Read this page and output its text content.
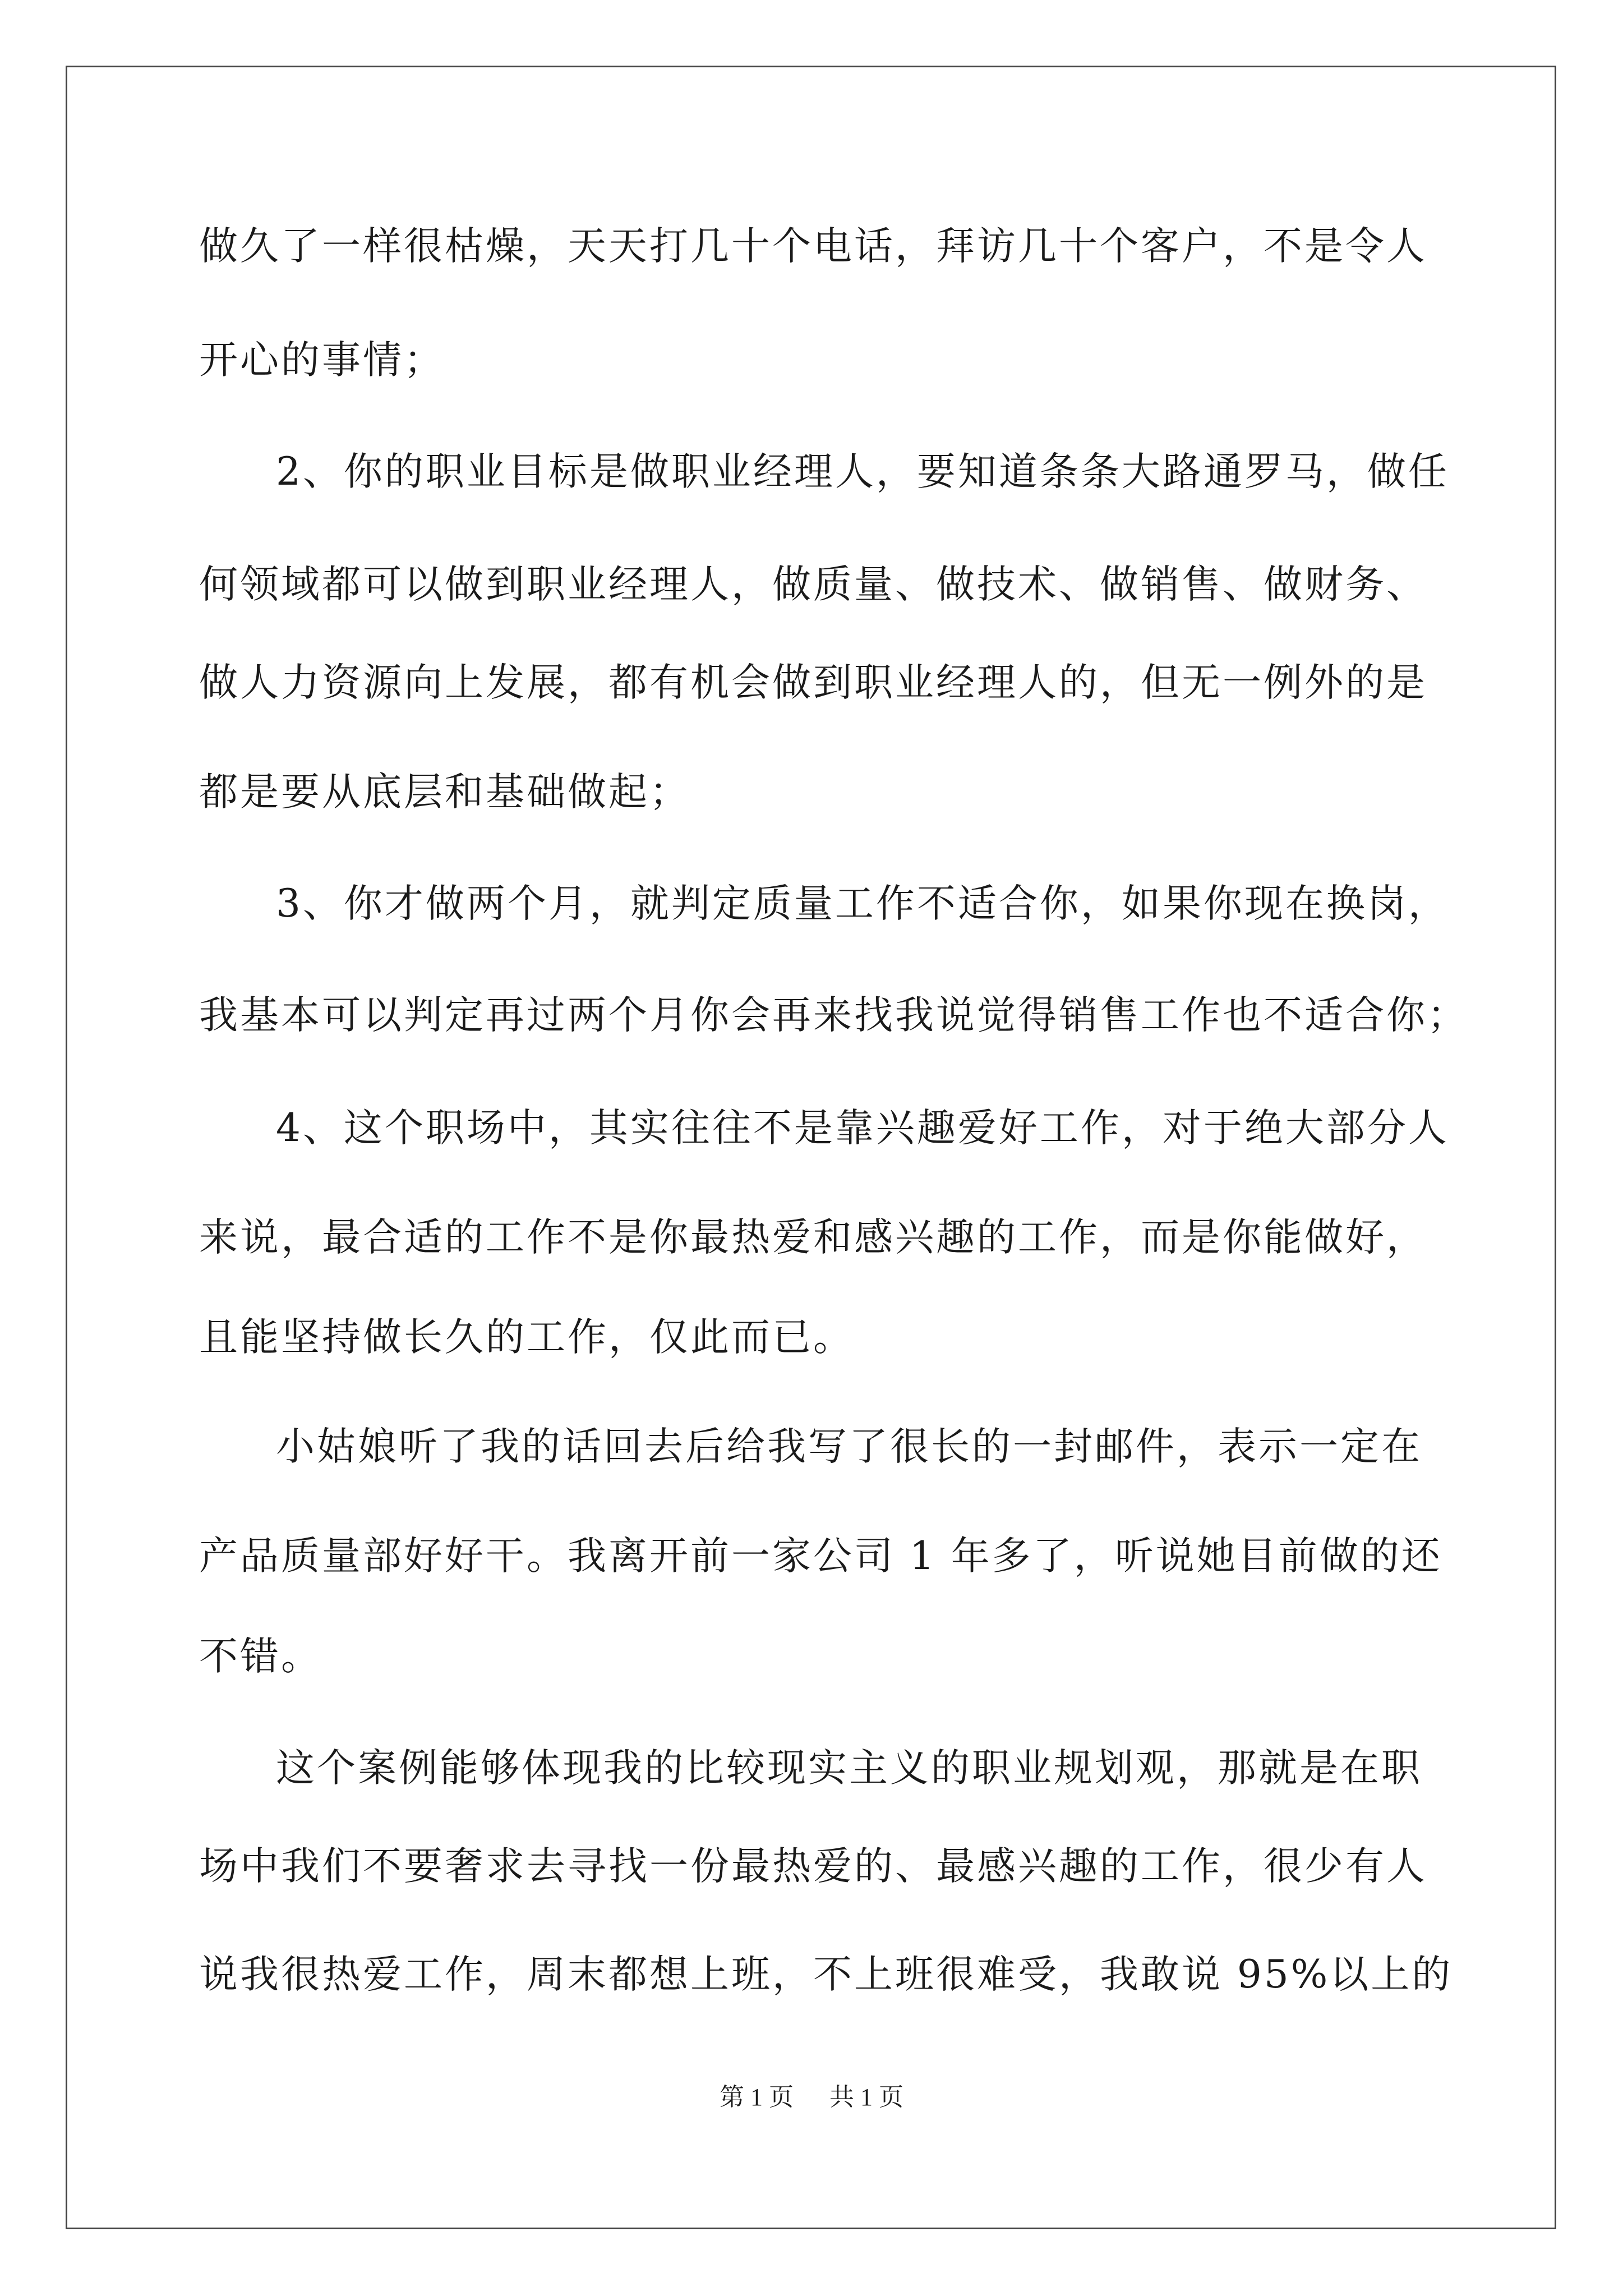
做久了一样很枯燥，天天打几十个电话，拜访几十个客户，不是令人
开心的事情；
2、你的职业目标是做职业经理人，要知道条条大路通罗马，做任
何领域都可以做到职业经理人，做质量、做技术、做销售、做财务、
做人力资源向上发展，都有机会做到职业经理人的，但无一例外的是
都是要从底层和基础做起；
3、你才做两个月，就判定质量工作不适合你，如果你现在换岗，
我基本可以判定再过两个月你会再来找我说觉得销售工作也不适合你；
4、这个职场中，其实往往不是靠兴趣爱好工作，对于绝大部分人
来说，最合适的工作不是你最热爱和感兴趣的工作，而是你能做好，
且能坚持做长久的工作，仅此而已。
小姑娘听了我的话回去后给我写了很长的一封邮件，表示一定在
产品质量部好好干。我离开前一家公司 1 年多了，听说她目前做的还
不错。
这个案例能够体现我的比较现实主义的职业规划观，那就是在职
场中我们不要奢求去寻找一份最热爱的、最感兴趣的工作，很少有人
说我很热爱工作，周末都想上班，不上班很难受，我敢说 95%以上的
第 1 页 共 1 页
